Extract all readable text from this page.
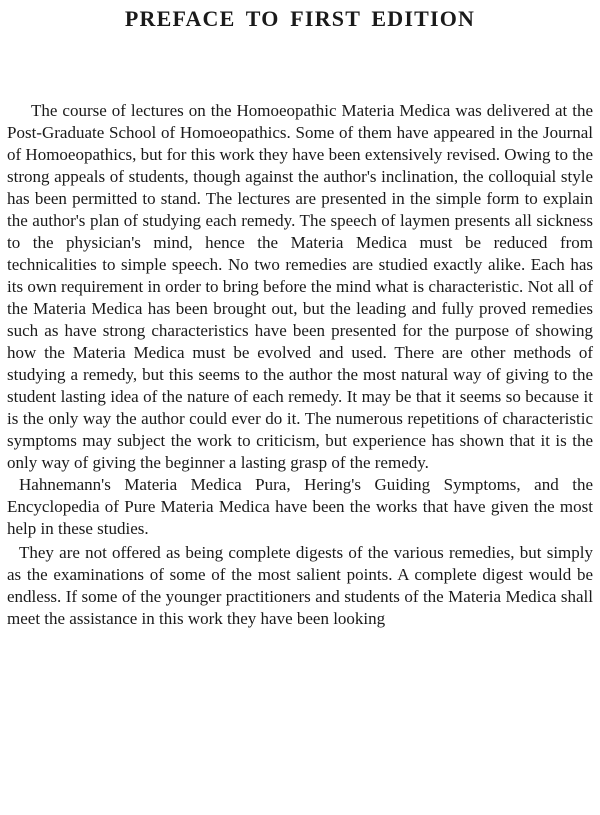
PREFACE TO FIRST EDITION

The course of lectures on the Homoeopathic Materia Medica was delivered at the Post-Graduate School of Homoeopathics. Some of them have appeared in the Journal of Homoeopathics, but for this work they have been extensively revised. Owing to the strong appeals of students, though against the author's inclination, the colloquial style has been permitted to stand. The lectures are presented in the simple form to explain the author's plan of studying each remedy. The speech of laymen presents all sickness to the physician's mind, hence the Materia Medica must be reduced from technicalities to simple speech. No two remedies are studied exactly alike. Each has its own requirement in order to bring before the mind what is characteristic. Not all of the Materia Medica has been brought out, but the leading and fully proved remedies such as have strong characteristics have been presented for the purpose of showing how the Materia Medica must be evolved and used. There are other methods of studying a remedy, but this seems to the author the most natural way of giving to the student lasting idea of the nature of each remedy. It may be that it seems so because it is the only way the author could ever do it. The numerous repetitions of characteristic symptoms may subject the work to criticism, but experience has shown that it is the only way of giving the beginner a lasting grasp of the remedy.

Hahnemann's Materia Medica Pura, Hering's Guiding Symptoms, and the Encyclopedia of Pure Materia Medica have been the works that have given the most help in these studies.

They are not offered as being complete digests of the various remedies, but simply as the examinations of some of the most salient points. A complete digest would be endless. If some of the younger practitioners and students of the Materia Medica shall meet the assistance in this work they have been looking
